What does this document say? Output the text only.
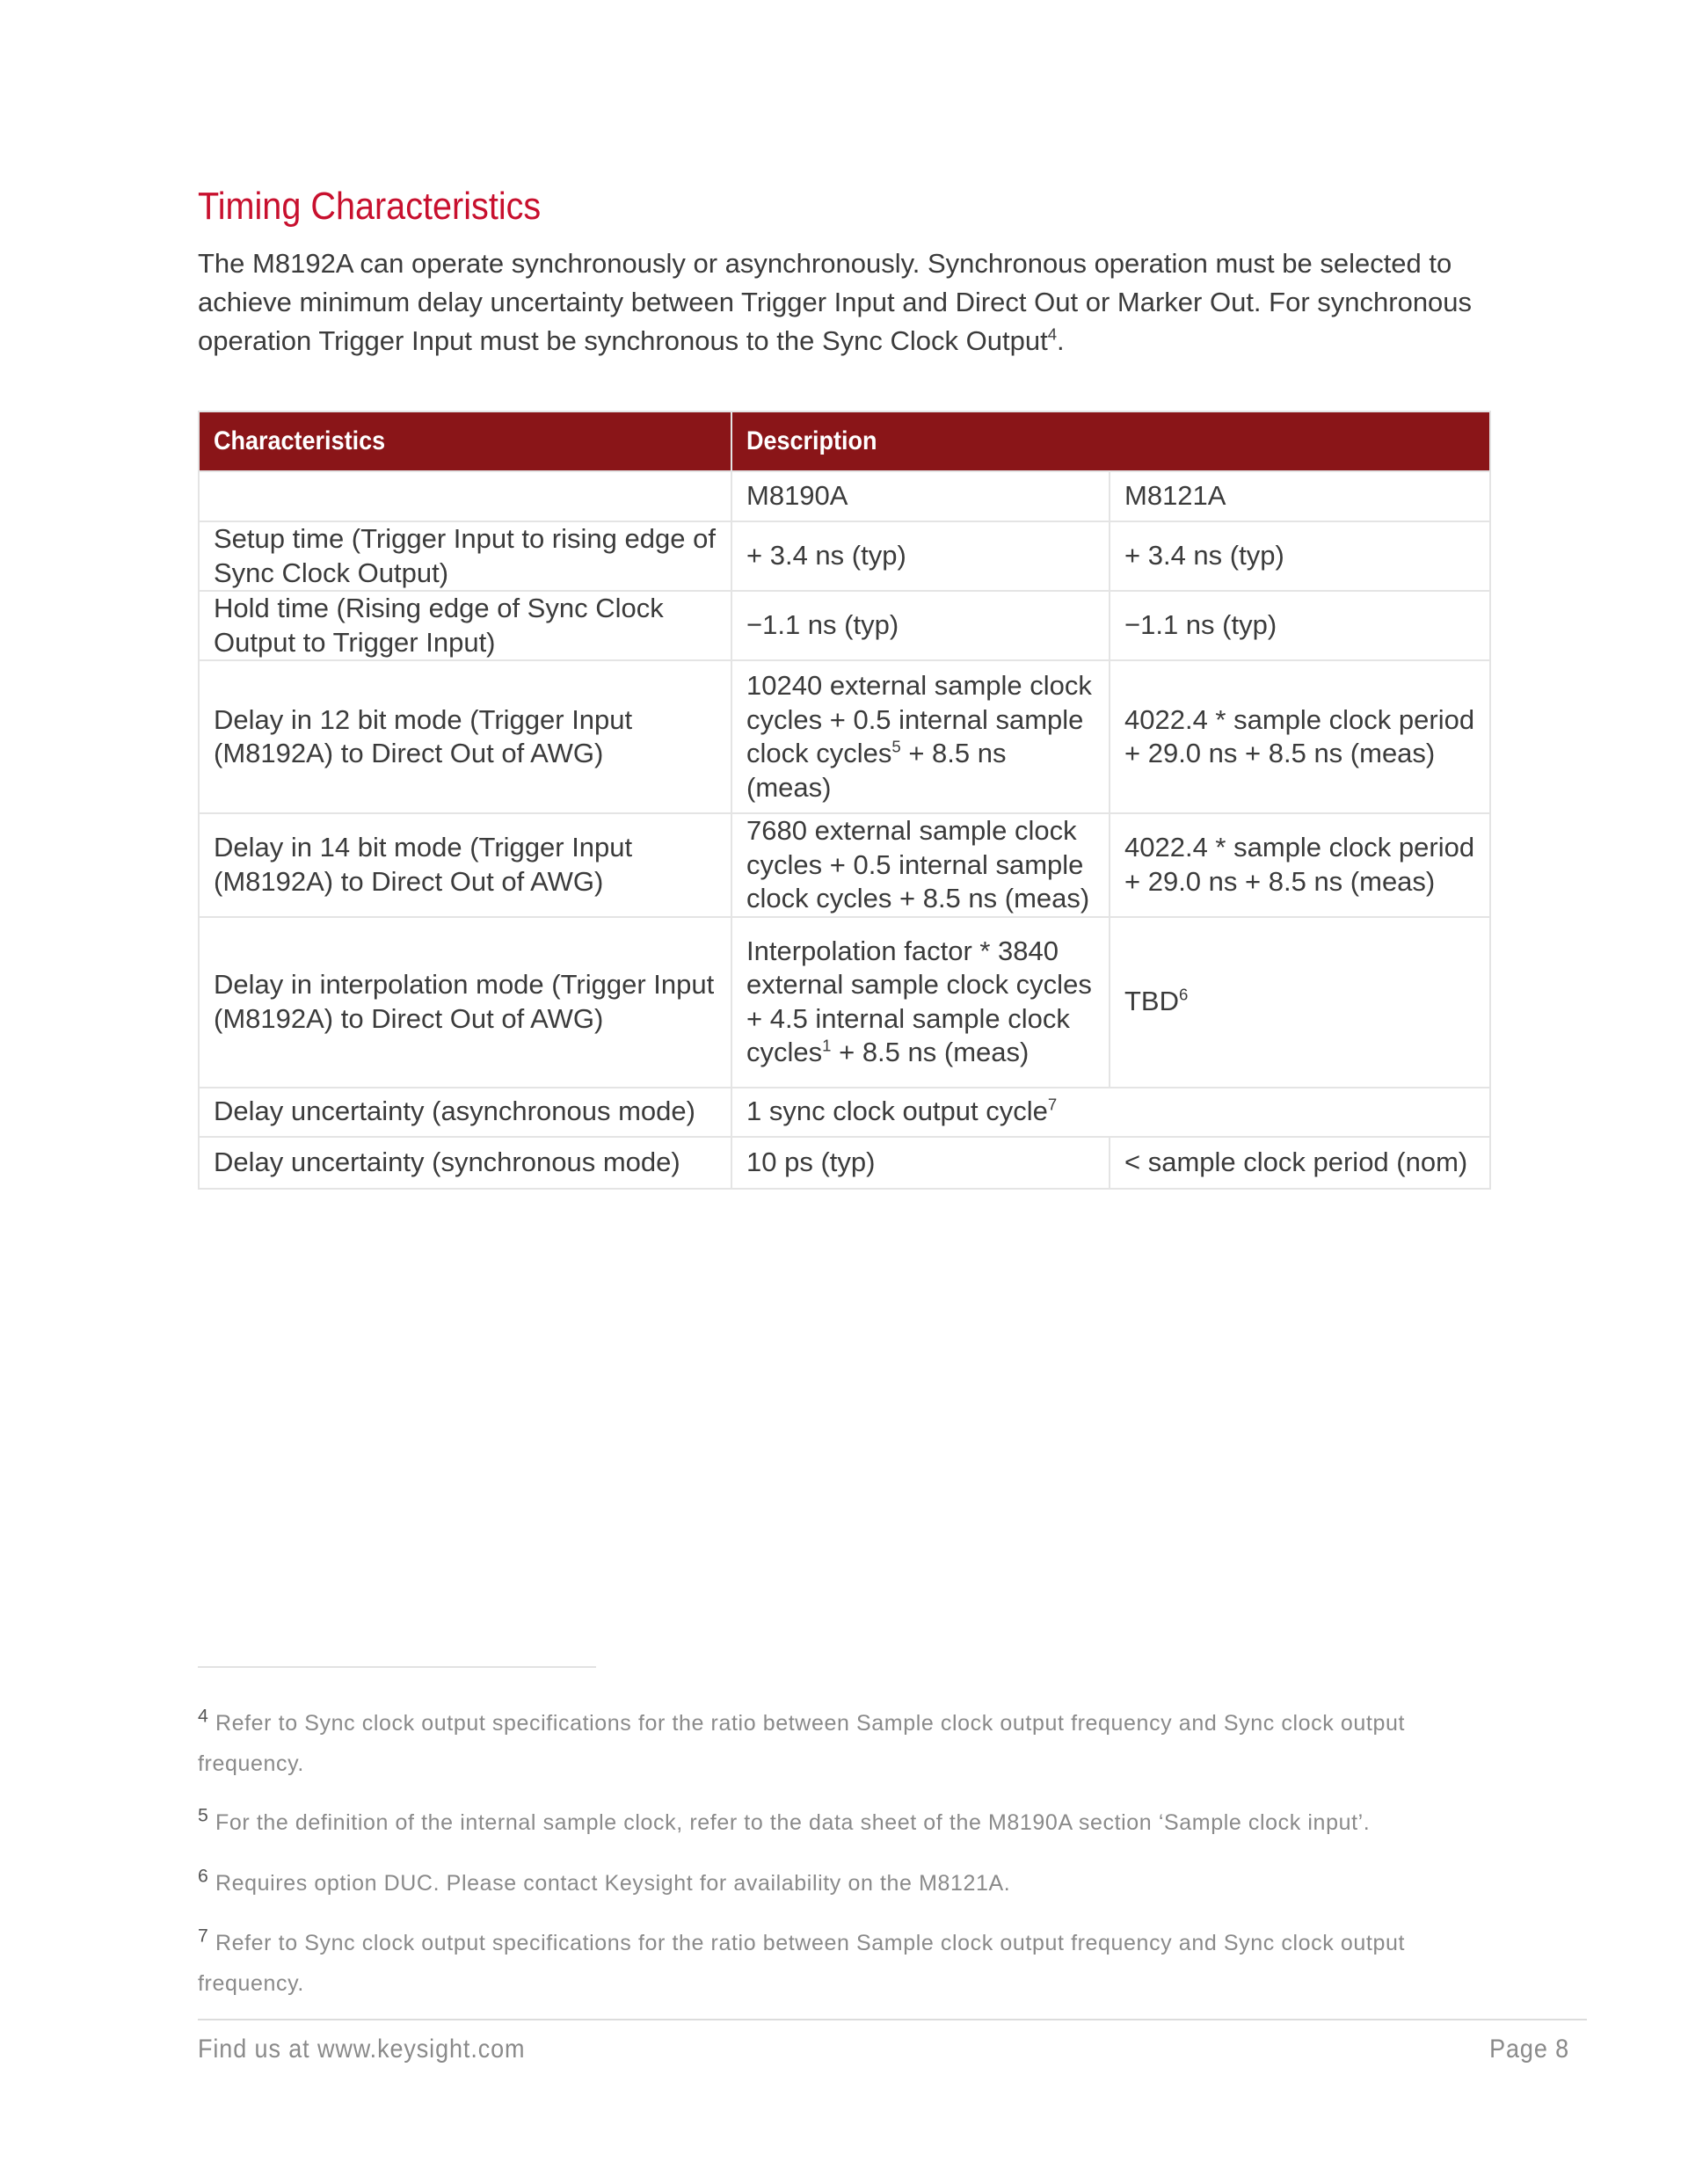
Timing Characteristics

The M8192A can operate synchronously or asynchronously. Synchronous operation must be selected to achieve minimum delay uncertainty between Trigger Input and Direct Out or Marker Out. For synchronous operation Trigger Input must be synchronous to the Sync Clock Output$^4$.

Characteristics	Description	
	M8190A	M8121A
Setup time (Trigger Input to rising edge of Sync Clock Output)	+ 3.4 ns (typ)	+ 3.4 ns (typ)
Hold time (Rising edge of Sync Clock Output to Trigger Input)	−1.1 ns (typ)	−1.1 ns (typ)
Delay in 12 bit mode (Trigger Input (M8192A) to Direct Out of AWG)	10240 external sample clock cycles + 0.5 internal sample clock cycles$^5$ + 8.5 ns (meas)	4022.4 * sample clock period + 29.0 ns + 8.5 ns (meas)
Delay in 14 bit mode (Trigger Input (M8192A) to Direct Out of AWG)	7680 external sample clock cycles + 0.5 internal sample clock cycles + 8.5 ns (meas)	4022.4 * sample clock period + 29.0 ns + 8.5 ns (meas)
Delay in interpolation mode (Trigger Input (M8192A) to Direct Out of AWG)	Interpolation factor * 3840 external sample clock cycles + 4.5 internal sample clock cycles$^1$ + 8.5 ns (meas)	TBD$^6$
Delay uncertainty (asynchronous mode)	1 sync clock output cycle$^7$
Delay uncertainty (synchronous mode)	10 ps (typ)	< sample clock period (nom)

$^4$ Refer to Sync clock output specifications for the ratio between Sample clock output frequency and Sync clock output frequency.

$^5$ For the definition of the internal sample clock, refer to the data sheet of the M8190A section ‘Sample clock input’.

$^6$ Requires option DUC. Please contact Keysight for availability on the M8121A.

$^7$ Refer to Sync clock output specifications for the ratio between Sample clock output frequency and Sync clock output frequency.

Find us at www.keysight.com	Page 8
